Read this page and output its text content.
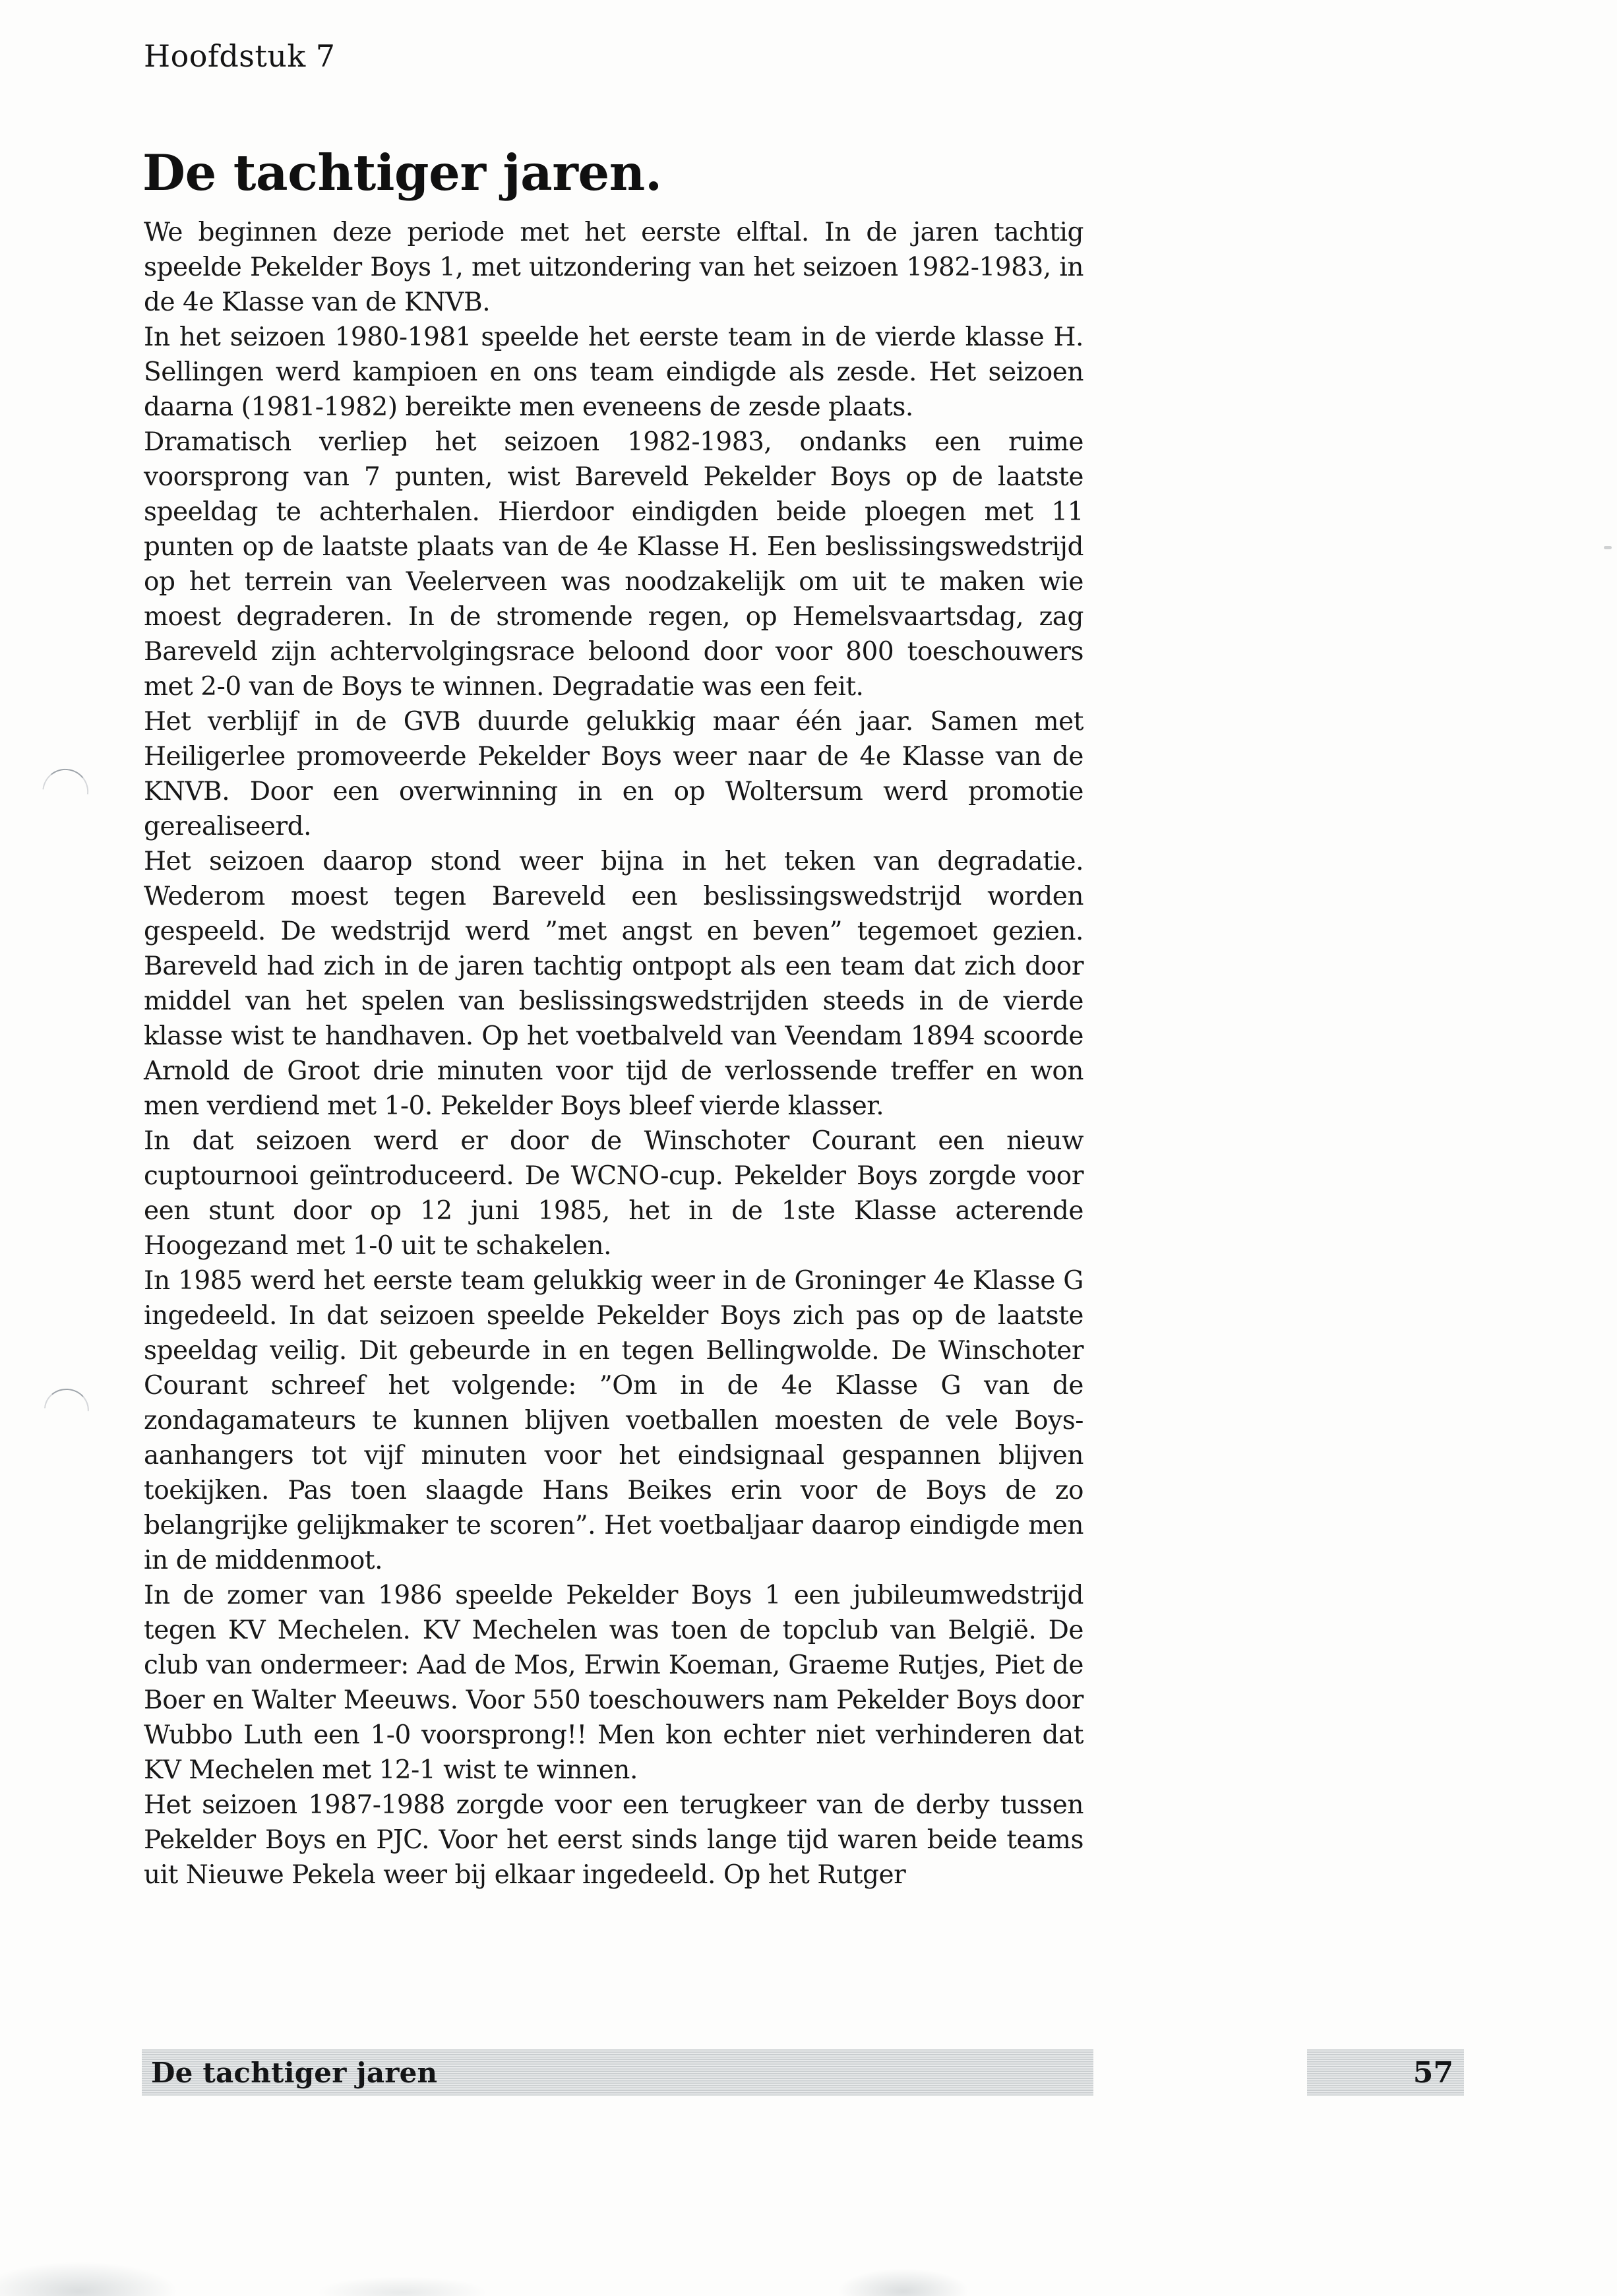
Hoofdstuk 7
De tachtiger jaren.

We beginnen deze periode met het eerste elftal. In de jaren tachtig speelde Pekelder Boys 1, met uitzondering van het seizoen 1982-1983, in de 4e Klasse van de KNVB.

In het seizoen 1980-1981 speelde het eerste team in de vierde klasse H. Sellingen werd kampioen en ons team eindigde als zesde. Het seizoen daarna (1981-1982) bereikte men eveneens de zesde plaats.

Dramatisch verliep het seizoen 1982-1983, ondanks een ruime voorsprong van 7 punten, wist Bareveld Pekelder Boys op de laatste speeldag te achterhalen. Hierdoor eindigden beide ploegen met 11 punten op de laatste plaats van de 4e Klasse H. Een beslissingswedstrijd op het terrein van Veelerveen was noodzakelijk om uit te maken wie moest degraderen. In de stromende regen, op Hemelsvaartsdag, zag Bareveld zijn achtervolgingsrace beloond door voor 800 toeschouwers met 2-0 van de Boys te winnen. Degradatie was een feit.

Het verblijf in de GVB duurde gelukkig maar één jaar. Samen met Heiligerlee promoveerde Pekelder Boys weer naar de 4e Klasse van de KNVB. Door een overwinning in en op Woltersum werd promotie gerealiseerd.

Het seizoen daarop stond weer bijna in het teken van degradatie. Wederom moest tegen Bareveld een beslissingswedstrijd worden gespeeld. De wedstrijd werd ”met angst en beven” tegemoet gezien. Bareveld had zich in de jaren tachtig ontpopt als een team dat zich door middel van het spelen van beslissingswedstrijden steeds in de vierde klasse wist te handhaven. Op het voetbalveld van Veendam 1894 scoorde Arnold de Groot drie minuten voor tijd de verlossende treffer en won men verdiend met 1-0. Pekelder Boys bleef vierde klasser.

In dat seizoen werd er door de Winschoter Courant een nieuw cuptournooi geïntroduceerd. De WCNO-cup. Pekelder Boys zorgde voor een stunt door op 12 juni 1985, het in de 1ste Klasse acterende Hoogezand met 1-0 uit te schakelen.

In 1985 werd het eerste team gelukkig weer in de Groninger 4e Klasse G ingedeeld. In dat seizoen speelde Pekelder Boys zich pas op de laatste speeldag veilig. Dit gebeurde in en tegen Bellingwolde. De Winschoter Courant schreef het volgende: ”Om in de 4e Klasse G van de zondagamateurs te kunnen blijven voetballen moesten de vele Boys-aanhangers tot vijf minuten voor het eindsignaal gespannen blijven toekijken. Pas toen slaagde Hans Beikes erin voor de Boys de zo belangrijke gelijkmaker te scoren”. Het voetbaljaar daarop eindigde men in de middenmoot.

In de zomer van 1986 speelde Pekelder Boys 1 een jubileumwedstrijd tegen KV Mechelen. KV Mechelen was toen de topclub van België. De club van ondermeer: Aad de Mos, Erwin Koeman, Graeme Rutjes, Piet de Boer en Walter Meeuws. Voor 550 toeschouwers nam Pekelder Boys door Wubbo Luth een 1-0 voorsprong!! Men kon echter niet verhinderen dat KV Mechelen met 12-1 wist te winnen.

Het seizoen 1987-1988 zorgde voor een terugkeer van de derby tussen Pekelder Boys en PJC. Voor het eerst sinds lange tijd waren beide teams uit Nieuwe Pekela weer bij elkaar ingedeeld. Op het Rutger

De tachtiger jaren	57
